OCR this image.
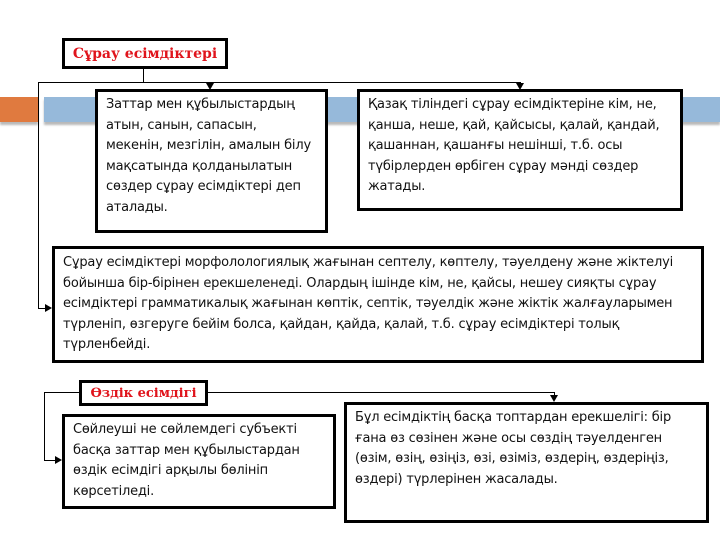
Сұрау есімдіктері
Заттар мен құбылыстардың атын, санын, сапасын, мекенін, мезгілін, амалын білу мақсатында қолданылатын сөздер сұрау есімдіктері деп аталады.
Қазақ тіліндегі сұрау есімдіктеріне кім, не, қанша, неше, қай, қайсысы, қалай, қандай, қашаннан, қашанғы нешінші, т.б. осы түбірлерден өрбіген сұрау мәнді сөздер жатады.
Сұрау есімдіктері морфолологиялық жағынан септелу, көптелу, тәуелдену және жіктелуі бойынша бір-бірінен ерекшеленеді. Олардың ішінде кім, не, қайсы, нешеу сияқты сұрау есімдіктері грамматикалық жағынан көптік, септік, тәуелдік және жіктік жалғауларымен түрленіп, өзгеруге бейім болса, қайдан, қайда, қалай, т.б. сұрау есімдіктері толық түрленбейді.
Өздік есімдігі
Сөйлеуші не сөйлемдегі субъекті басқа заттар мен құбылыстардан өздік есімдігі арқылы бөлініп көрсетіледі.
Бұл есімдіктің басқа топтардан ерекшелігі: бір ғана өз сөзінен және осы сөздің тәуелденген (өзім, өзің, өзіңіз, өзі, өзіміз, өздерің, өздеріңіз, өздері) түрлерінен жасалады.
